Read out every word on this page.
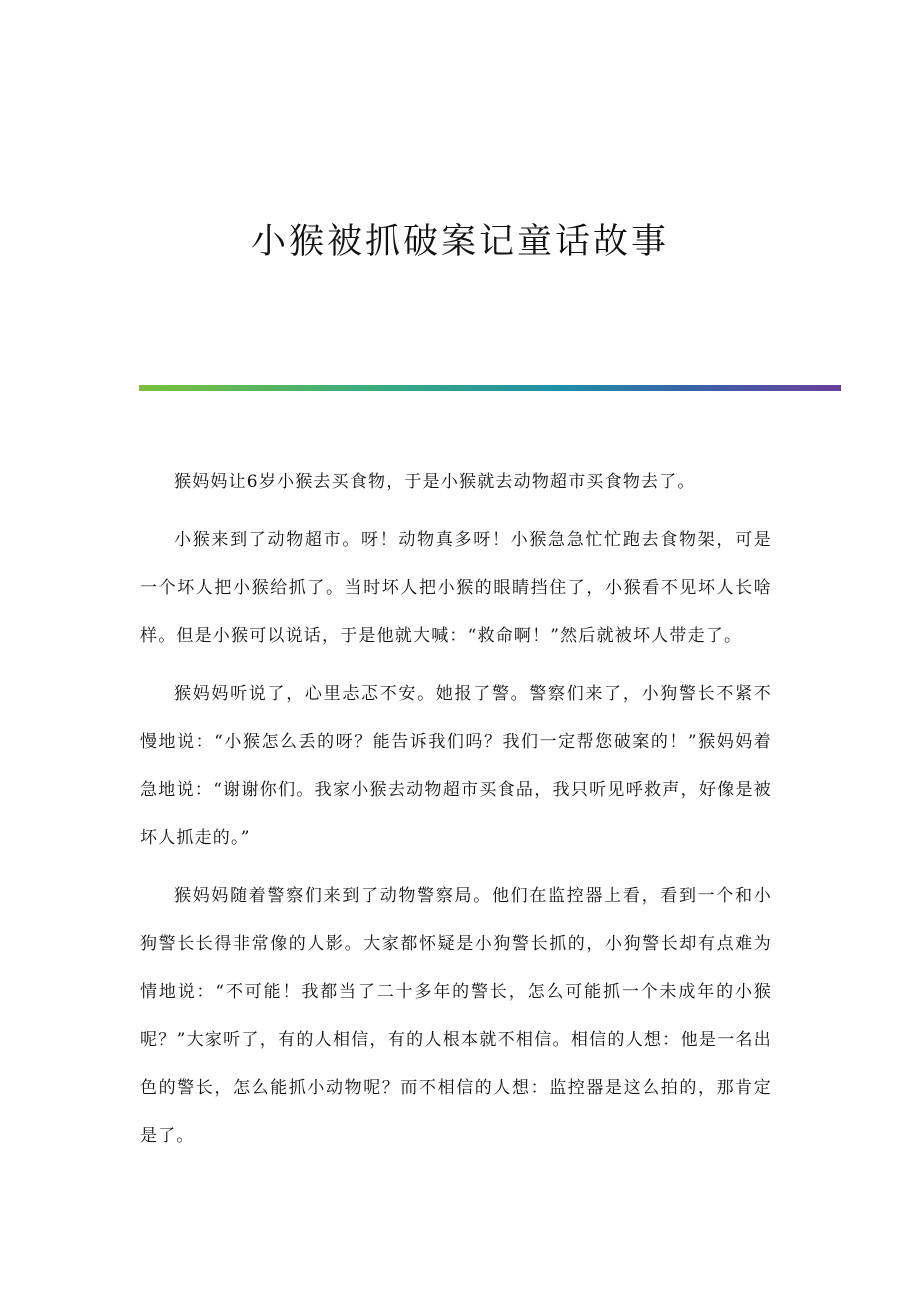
小猴被抓破案记童话故事

猴妈妈让6岁小猴去买食物，于是小猴就去动物超市买食物去了。

小猴来到了动物超市。呀！动物真多呀！小猴急急忙忙跑去食物架，可是一个坏人把小猴给抓了。当时坏人把小猴的眼睛挡住了，小猴看不见坏人长啥样。但是小猴可以说话，于是他就大喊：“救命啊！”然后就被坏人带走了。

猴妈妈听说了，心里忐忑不安。她报了警。警察们来了，小狗警长不紧不慢地说：“小猴怎么丢的呀？能告诉我们吗？我们一定帮您破案的！”猴妈妈着急地说：“谢谢你们。我家小猴去动物超市买食品，我只听见呼救声，好像是被坏人抓走的。”

猴妈妈随着警察们来到了动物警察局。他们在监控器上看，看到一个和小狗警长长得非常像的人影。大家都怀疑是小狗警长抓的，小狗警长却有点难为情地说：“不可能！我都当了二十多年的警长，怎么可能抓一个未成年的小猴呢？”大家听了，有的人相信，有的人根本就不相信。相信的人想：他是一名出色的警长，怎么能抓小动物呢？而不相信的人想：监控器是这么拍的，那肯定是了。
